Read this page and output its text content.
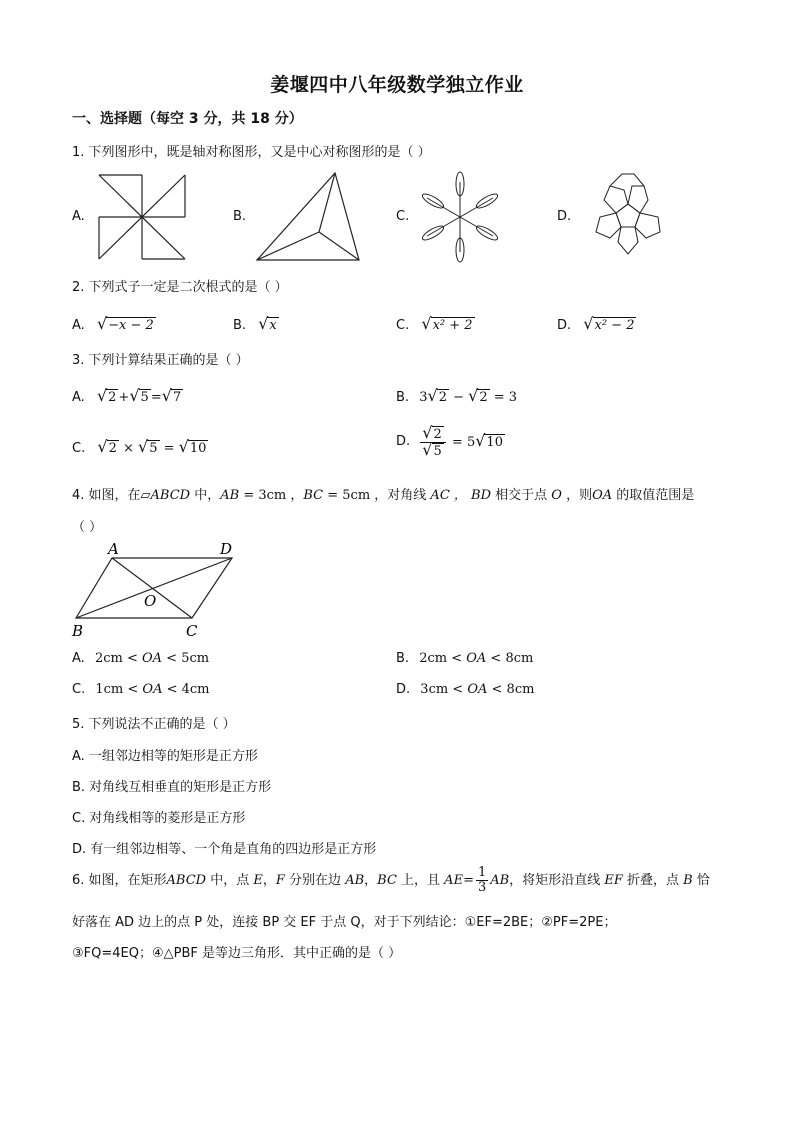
姜堰四中八年级数学独立作业
一、选择题（每空 3 分，共 18 分）
1. 下列图形中，既是轴对称图形，又是中心对称图形的是（ ）
A.	B.	C.	D.
2. 下列式子一定是二次根式的是（ ）
A. √−x − 2	B. √x	C. √x² + 2	D. √x² − 2
3. 下列计算结果正确的是（ ）
A. √2 +√5 =√7	B. 3√2 − √2 = 3
C. √2 × √5 = √10	D. $\frac{√2}{√5} = 5√10$
4. 如图，在▱ABCD 中，AB = 3cm ，BC = 5cm ，对角线 AC ， BD 相交于点 O ，则OA 的取值范围是
（ ）
A	D
O
B	C
A. 2cm < OA < 5cm	B. 2cm < OA < 8cm
C. 1cm < OA < 4cm	D. 3cm < OA < 8cm
5. 下列说法不正确的是（ ）
A. 一组邻边相等的矩形是正方形
B. 对角线互相垂直的矩形是正方形
C. 对角线相等的菱形是正方形
D. 有一组邻边相等、一个角是直角的四边形是正方形
6. 如图，在矩形ABCD 中，点 E，F 分别在边 AB，BC 上，且 $AE= \frac{1}{3}$ AB，将矩形沿直线 EF 折叠，点 B 恰
好落在 AD 边上的点 P 处，连接 BP 交 EF 于点 Q，对于下列结论：①EF=2BE；②PF=2PE；
③FQ=4EQ；④△PBF 是等边三角形．其中正确的是（ ）
